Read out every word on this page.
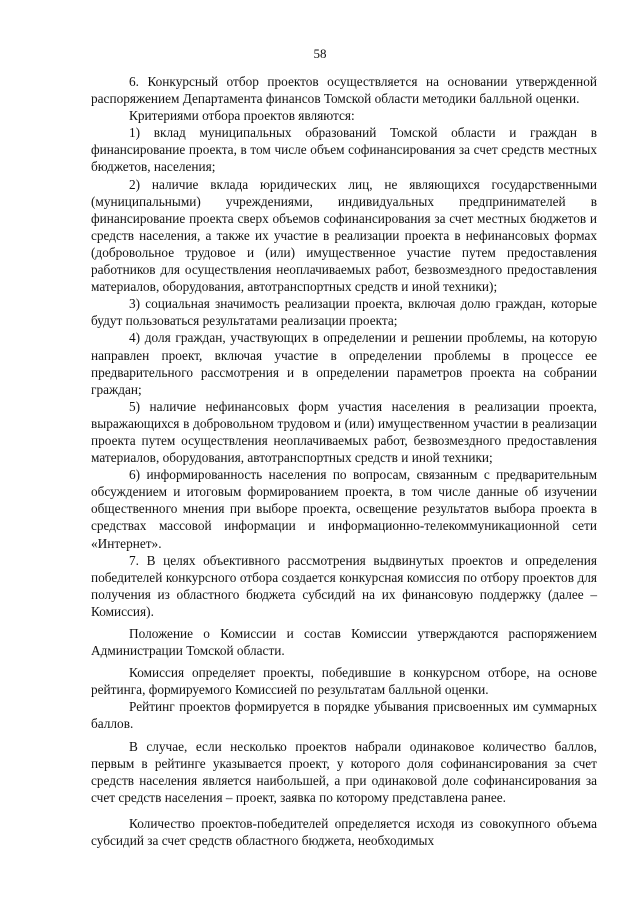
58

6. Конкурсный отбор проектов осуществляется на основании утвержденной распоряжением Департамента финансов Томской области методики балльной оценки.

Критериями отбора проектов являются:

1) вклад муниципальных образований Томской области и граждан в финансирование проекта, в том числе объем софинансирования за счет средств местных бюджетов, населения;

2) наличие вклада юридических лиц, не являющихся государственными (муниципальными) учреждениями, индивидуальных предпринимателей в финансирование проекта сверх объемов софинансирования за счет местных бюджетов и средств населения, а также их участие в реализации проекта в нефинансовых формах (добровольное трудовое и (или) имущественное участие путем предоставления работников для осуществления неоплачиваемых работ, безвозмездного предоставления материалов, оборудования, автотранспортных средств и иной техники);

3) социальная значимость реализации проекта, включая долю граждан, которые будут пользоваться результатами реализации проекта;

4) доля граждан, участвующих в определении и решении проблемы, на которую направлен проект, включая участие в определении проблемы в процессе ее предварительного рассмотрения и в определении параметров проекта на собрании граждан;

5) наличие нефинансовых форм участия населения в реализации проекта, выражающихся в добровольном трудовом и (или) имущественном участии в реализации проекта путем осуществления неоплачиваемых работ, безвозмездного предоставления материалов, оборудования, автотранспортных средств и иной техники;

6) информированность населения по вопросам, связанным с предварительным обсуждением и итоговым формированием проекта, в том числе данные об изучении общественного мнения при выборе проекта, освещение результатов выбора проекта в средствах массовой информации и информационно-телекоммуникационной сети «Интернет».

7. В целях объективного рассмотрения выдвинутых проектов и определения победителей конкурсного отбора создается конкурсная комиссия по отбору проектов для получения из областного бюджета субсидий на их финансовую поддержку (далее – Комиссия).

Положение о Комиссии и состав Комиссии утверждаются распоряжением Администрации Томской области.

Комиссия определяет проекты, победившие в конкурсном отборе, на основе рейтинга, формируемого Комиссией по результатам балльной оценки.

Рейтинг проектов формируется в порядке убывания присвоенных им суммарных баллов.

В случае, если несколько проектов набрали одинаковое количество баллов, первым в рейтинге указывается проект, у которого доля софинансирования за счет средств населения является наибольшей, а при одинаковой доле софинансирования за счет средств населения – проект, заявка по которому представлена ранее.

Количество проектов-победителей определяется исходя из совокупного объема субсидий за счет средств областного бюджета, необходимых
